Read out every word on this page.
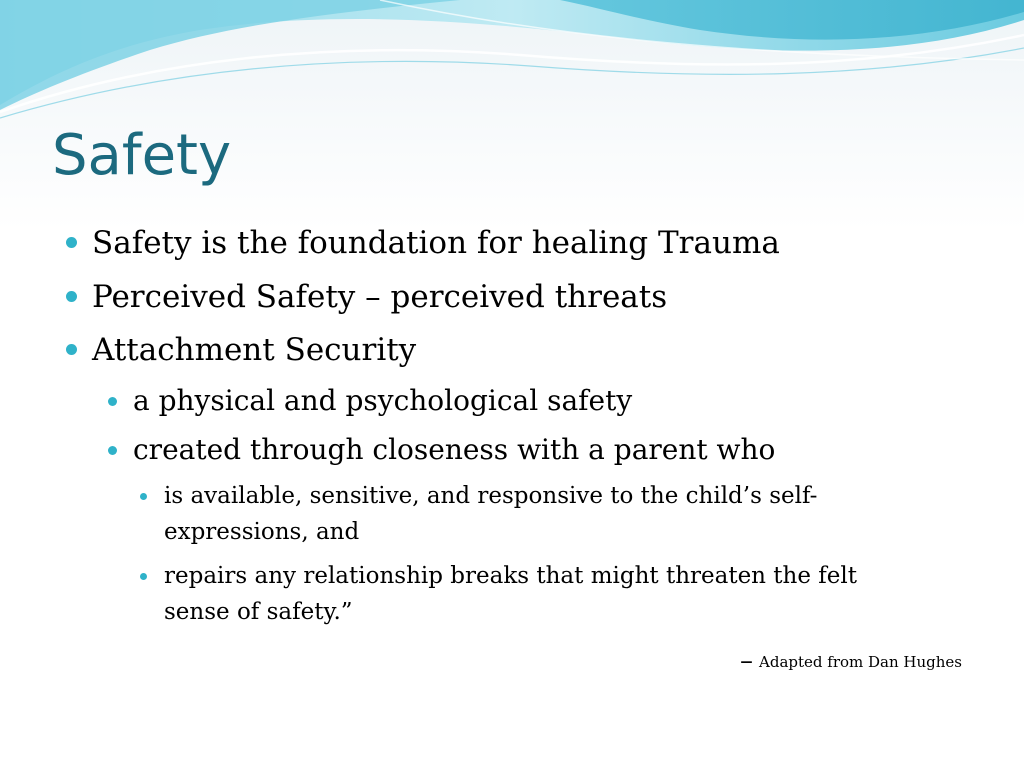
Safety
Safety is the foundation for healing Trauma
Perceived Safety – perceived threats
Attachment Security
a physical and psychological safety
created through closeness with a parent who
is available, sensitive, and responsive to the child’s self-expressions, and
repairs any relationship breaks that might threaten the felt sense of safety.”
– Adapted from Dan Hughes
